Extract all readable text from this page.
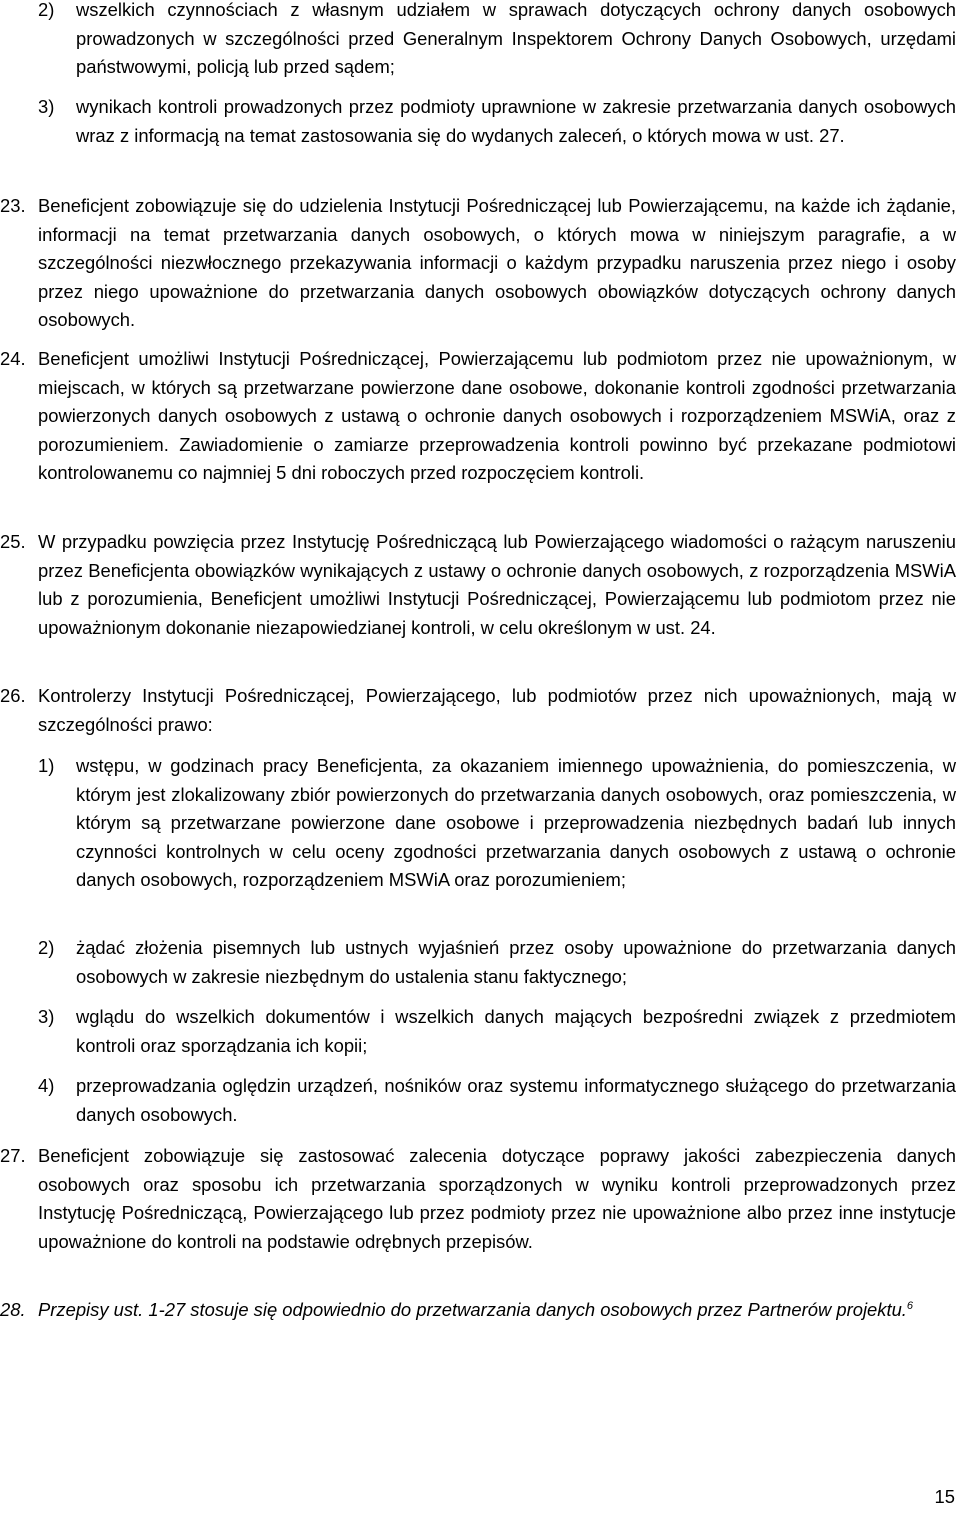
2) wszelkich czynnościach z własnym udziałem w sprawach dotyczących ochrony danych osobowych prowadzonych w szczególności przed Generalnym Inspektorem Ochrony Danych Osobowych, urzędami państwowymi, policją lub przed sądem;
3) wynikach kontroli prowadzonych przez podmioty uprawnione w zakresie przetwarzania danych osobowych wraz z informacją na temat zastosowania się do wydanych zaleceń, o których mowa w ust. 27.
23. Beneficjent zobowiązuje się do udzielenia Instytucji Pośredniczącej lub Powierzającemu, na każde ich żądanie, informacji na temat przetwarzania danych osobowych, o których mowa w niniejszym paragrafie, a w szczególności niezwłocznego przekazywania informacji o każdym przypadku naruszenia przez niego i osoby przez niego upoważnione do przetwarzania danych osobowych obowiązków dotyczących ochrony danych osobowych.
24. Beneficjent umożliwi Instytucji Pośredniczącej, Powierzającemu lub podmiotom przez nie upoważnionym, w miejscach, w których są przetwarzane powierzone dane osobowe, dokonanie kontroli zgodności przetwarzania powierzonych danych osobowych z ustawą o ochronie danych osobowych i rozporządzeniem MSWiA, oraz z porozumieniem. Zawiadomienie o zamiarze przeprowadzenia kontroli powinno być przekazane podmiotowi kontrolowanemu co najmniej 5 dni roboczych przed rozpoczęciem kontroli.
25. W przypadku powzięcia przez Instytucję Pośredniczącą lub Powierzającego wiadomości o rażącym naruszeniu przez Beneficjenta obowiązków wynikających z ustawy o ochronie danych osobowych, z rozporządzenia MSWiA lub z porozumienia, Beneficjent umożliwi Instytucji Pośredniczącej, Powierzającemu lub podmiotom przez nie upoważnionym dokonanie niezapowiedzianej kontroli, w celu określonym w ust. 24.
26. Kontrolerzy Instytucji Pośredniczącej, Powierzającego, lub podmiotów przez nich upoważnionych, mają w szczególności prawo:
1) wstępu, w godzinach pracy Beneficjenta, za okazaniem imiennego upoważnienia, do pomieszczenia, w którym jest zlokalizowany zbiór powierzonych do przetwarzania danych osobowych, oraz pomieszczenia, w którym są przetwarzane powierzone dane osobowe i przeprowadzenia niezbędnych badań lub innych czynności kontrolnych w celu oceny zgodności przetwarzania danych osobowych z ustawą o ochronie danych osobowych, rozporządzeniem MSWiA oraz porozumieniem;
2) żądać złożenia pisemnych lub ustnych wyjaśnień przez osoby upoważnione do przetwarzania danych osobowych w zakresie niezbędnym do ustalenia stanu faktycznego;
3) wglądu do wszelkich dokumentów i wszelkich danych mających bezpośredni związek z przedmiotem kontroli oraz sporządzania ich kopii;
4) przeprowadzania oględzin urządzeń, nośników oraz systemu informatycznego służącego do przetwarzania danych osobowych.
27. Beneficjent zobowiązuje się zastosować zalecenia dotyczące poprawy jakości zabezpieczenia danych osobowych oraz sposobu ich przetwarzania sporządzonych w wyniku kontroli przeprowadzonych przez Instytucję Pośredniczącą, Powierzającego lub przez podmioty przez nie upoważnione albo przez inne instytucje upoważnione do kontroli na podstawie odrębnych przepisów.
28. Przepisy ust. 1-27 stosuje się odpowiednio do przetwarzania danych osobowych przez Partnerów projektu.$^6$
15
